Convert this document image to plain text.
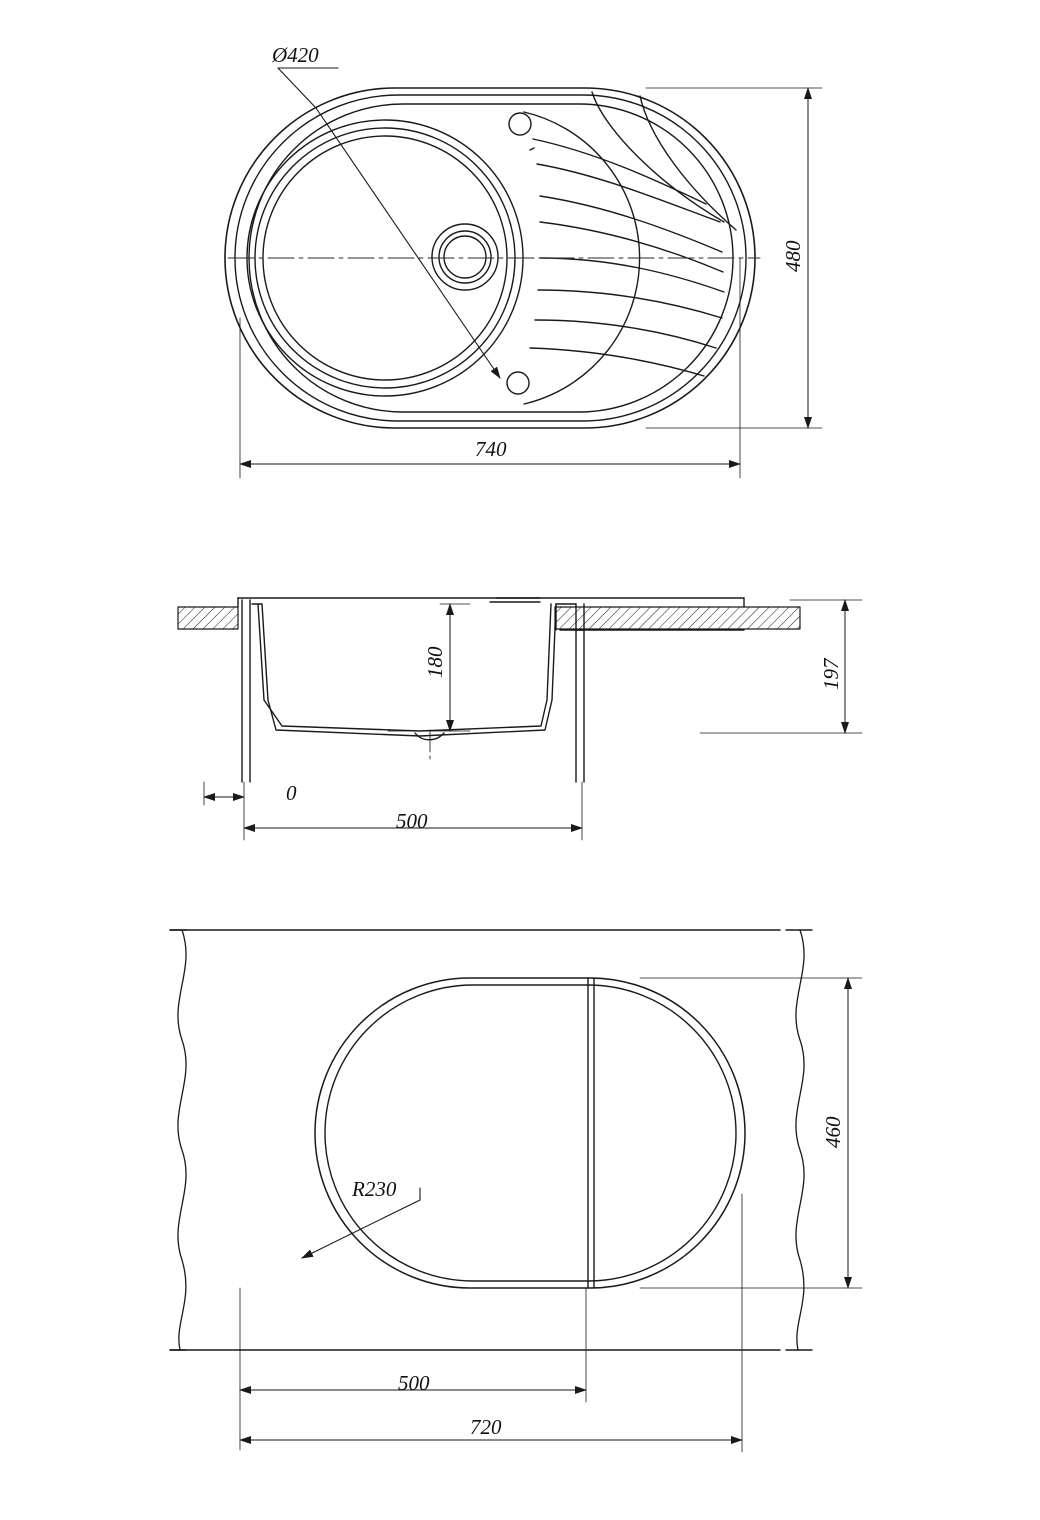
Ø420
480
740
180	197
0
500
R230
460
500
720
